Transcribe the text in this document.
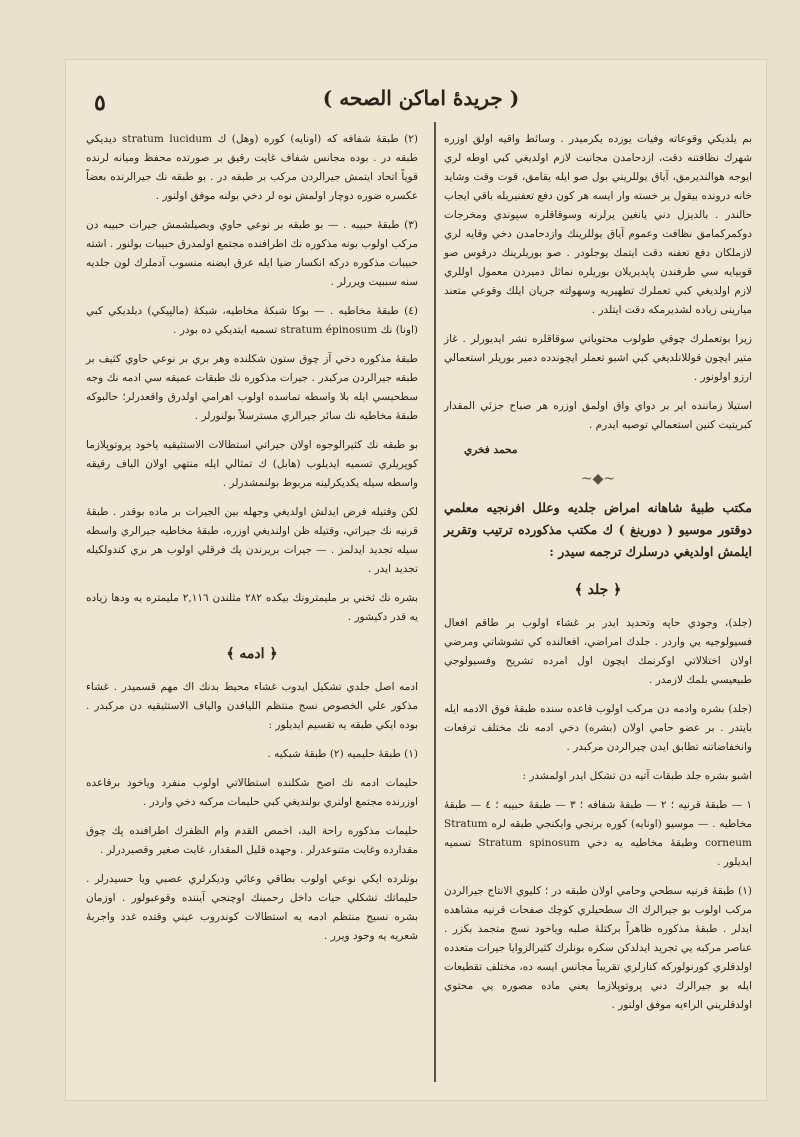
٥	( جريدهٔ اماكن الصحه )

بم يلديكي وقوعاته وفيات يوزده يكرميدر . وسائط واقيه اولق اوزره شهرك نظافتنه دقت، ازدحامدن مجانبت لازم اولديغي كبي اوطه لري ايوجه هوالنديرمق، آياق يوللريني بول صو ايله يقامق، قوت وقت وشايد خانه درونده بيقول ير خسته وار ايسه هر كون دفع تعفنيريله باقي ايجاب حالندر . بالديزل دني يانغين يرلرنه وسوقاقلره سپوندي ومخرجات دوكمركمامق نظافت وعموم آياق يوللرينك وازدحامدن دخي وقايه لري لازملكان دفع تعفنه دقت ايتمك يوجلودر . صو بوريلرينك درقوس صو قوبيايه سي طرفندن پاپديريلان بوريلره نماثل دميردن معمول اوللري لازم اولديغي كبي تعملرك تطهيريه وسهولته جريان ايلك وقوعي متعند ميارينى زياده لشديرمكه دقت ايتلدر .

زيرا بوتعملرك چوقي طولوب محتوياتي سوقاقلره نشر ايديورلر . غاز متير ايچون قوللانلديغي كبي اشبو تعملر ايچوندده دمير بوريلر استعمالي ارزو اولونور .

استيلا زماننده اير بر دواي واق اولمق اوزره هر صباح جزئي المقدار كبريتيت كنين استعمالي توصيه ايدرم .

محمد فخري
~◆~
مكتب طبيهٔ شاهانه امراض جلديه وعلل افرنجيه معلمي دوقتور موسيو ( دورينغ ) ك مكتب مذكورده ترتيب وتقرير ايلمش اولديغي درسلرك ترجمه سيدر :
﴿ جلد ﴾

(جلد)، وجودي حاپه وتحديد ايدر بر غشاء اولوب بر طاقم افعال فسيولوجيه يي واردر . جلدك امراضي، افعالنده كي تشوشاتي ومرضي اولان اختلالاتي اوكرنمك ايچون اول امرده تشريح وفسيولوجي طبيعيسي بلمك لازمدر .

(جلد) بشره وادمه دن مركب اولوب قاعده سنده طبقهٔ فوق الادمه ايله بايتدر . بر عضو حامي اولان (بشره) دخي ادمه نك مختلف ترفعات وانخفاضاتنه تطابق ايدن چيرالردن مركبدر .

اشبو بشره جلد طبقات آتيه دن تشكل ايدر اولمشدر :

١ — طبقهٔ قرنيه ؛ ٢ — طبقهٔ شفافه ؛ ٣ — طبقهٔ حبيبه ؛ ٤ — طبقهٔ مخاطيه . — موسيو (اونايه) كوره برنجي وايكنجي طبقه لره Stratum corneum وطبقهٔ مخاطيه يه دخي Stratum spinosum تسميه ايديلور .

(١) طبقهٔ قرنيه سطحي وحامي اولان طبقه در ؛ كليوي الانتاج جيرالردن مركب اولوب بو جيرالرك اك سطحيلري كوچك صفحات قرنيه مشاهده ايدلر . طبقهٔ مذكوره ظاهراً بركتلهٔ صلبه وياخود نسج متجمد بكزر . عناصر مركبه يي تجريد ايدلدكن سكره بونلرك كثيرالزوايا جيرات متعدده اولدقلري كورنولوركه كنارلري تقريباً مجانس ايسه ده، مختلف تقطيعات ايله بو جيرالرك دني پروتوپلازما يعني ماده مصوره يي محتوي اولدقلريني الراءيه موفق اولنور .

(٢) طبقهٔ شفافه كه (اونايه) كوره (وهل) ك stratum lucidum ديديكي طبقه در . بوده مجانس شفاف غايت رقيق بر صورتده محفظ وميانه لرنده قوياً اتحاد ايتمش جيرالردن مركب بر طبقه در . بو طبقه نك جيرالرنده بعضاً عكسره ضوره دوچار اولمش نوه لر دخي بولنه موفق اولنور .

(٣) طبقهٔ حبيبه . — بو طبقه بر نوعي حاوي وبصيلشمش جيرات حبيبه دن مركب اولوب بونه مذكوره نك اطرافنده مجتمع اولمدرق حبيبات بولنور . اشته حبيبات مذكوره دركه انكسار ضيا ايله عرق ايضنه منسوب آدملرك لون جلديه سنه سببيت ويررلر .

(٤) طبقهٔ مخاطيه . — بوكا شبكهٔ مخاطيه، شبكهٔ (مالپيكي) ديلديكي كبي (اونا) نك stratum épinosum تسميه ايتديكي ده بودر .

طبقهٔ مذكوره دخي آز چوق ستون شكلنده وهر بري بر نوعي حاوي كثيف بر طبقه جيرالردن مركبدر . جيرات مذكوره نك طبقات عميقه سي ادمه نك وجه سطحيسي ايله بلا واسطه تماسده اولوب اهرامي اولدرق واقعدرلر؛ حالبوكه طبقهٔ مخاطيه نك سائر جيرالري مسترسلاً بولنورلر .

بو طبقه نك كثيرالوجوه اولان جيراتي استطالات الاستثيقيه ياخود پروتوپلازما كوپريلري تسميه ايديلوب (هابل) ك تمثالي ايله منتهي اولان الياف رقيقه واسطه سيله يكديكرلينه مربوط بولنمشدرلر .

لكن وقتيله فرض ايدلش اولديغي وجهله بين الجيرات بر ماده بوقدر . طبقهٔ قرنيه نك جيراتي، وقتيله ظن اولنديغي اوزره، طبقهٔ مخاطيه جيرالري واسطه سيله تجديد ايدلمز . — جيرات بريرندن پك فرقلي اولوب هر بري كندولكيله تجديد ايدر .

بشره نك ثخني بر مليمترونك بيكده ٢٨٢ مثلندن ٢,١١٦ مليمتره يه ودها زياده يه قدر دكيشور .

﴿ ادمه ﴾

ادمه اصل جلدي تشكيل ايدوب غشاء محيط بدنك اك مهم قسميدر . غشاء مذكور علي الخصوص نسج منتظم الليافدن والياف الاستثيقيه دن مركبدر . بوده ايكي طبقه يه تقسيم ايديلور :

(١) طبقهٔ حليميه (٢) طبقهٔ شبكيه .

حليمات ادمه نك اصح شكلنده استطالاتي اولوب منفرد وياخود برقاعده اوزرنده مجتمع اولنري بولنديغي كبي حليمات مركبه دخي واردر .

حليمات مذكوره راحة اليد، اخمص القدم وام الظفرك اطرافنده پك چوق مقدارده وغايت متنوعدرلر . وجهده قليل المقدار، غايت صغير وقصيردرلر .

بونلرده ايكي نوعي اولوب بطاقي وعائي وديكرلري عصبي ويا حسيدرلر . حليماتك تشكلي حيات داخل رحمينك اوچنجي آيننده وقوعبولور . اوزمان بشره نسيج منتظم ادمه يه استطالات كوندروب عيني وقتده غدد واجربهٔ شعريه يه وجود ويرر .
